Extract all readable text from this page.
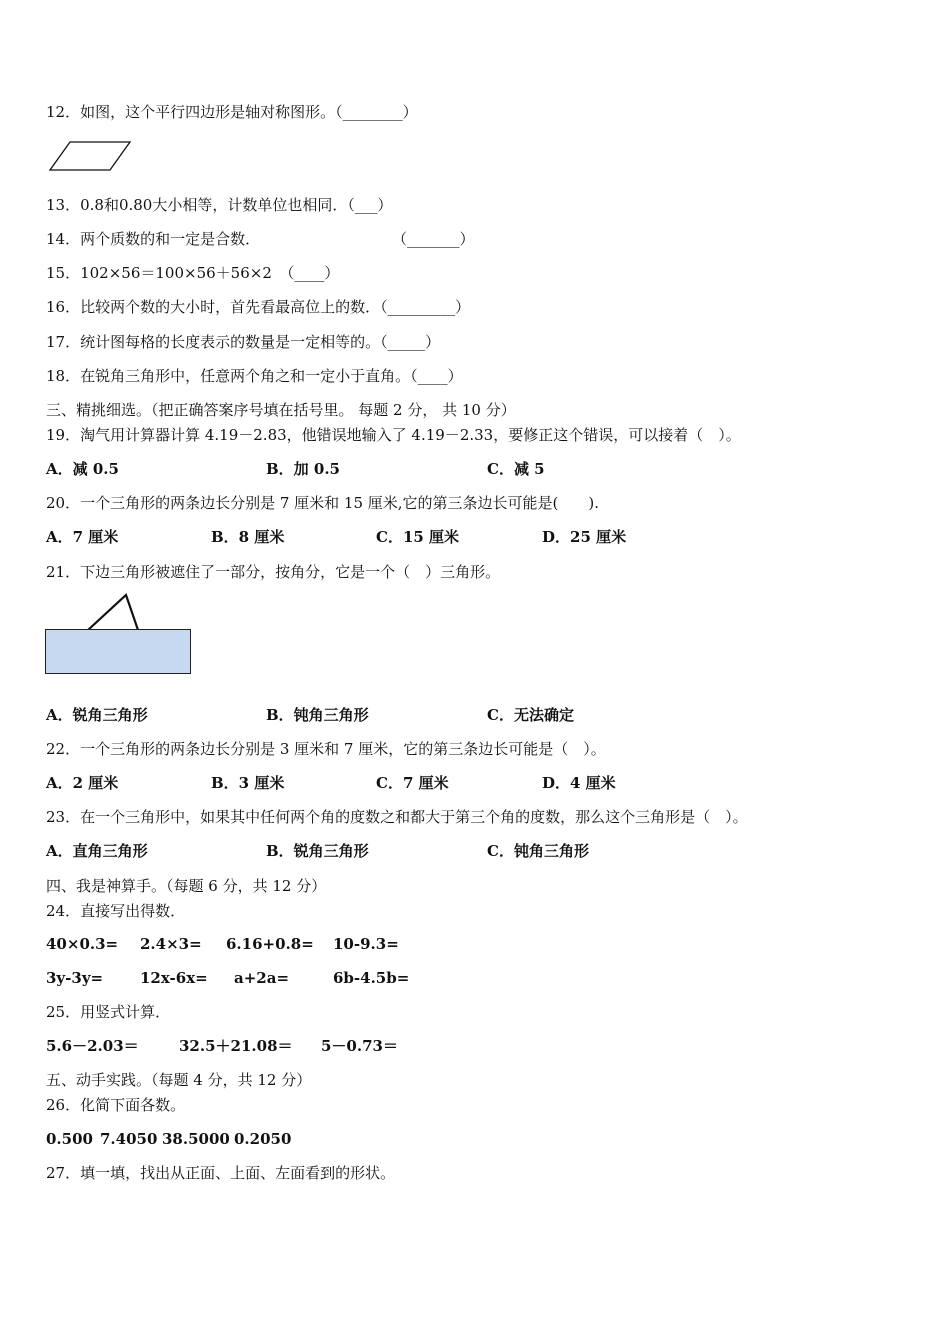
12．如图，这个平行四边形是轴对称图形。（________）
13．0.8和0.80大小相等，计数单位也相同．（___）
14．两个质数的和一定是合数．	（_______）
15．102×56＝100×56＋56×2　（____）
16．比较两个数的大小时，首先看最高位上的数．（_________）
17．统计图每格的长度表示的数量是一定相等的。（_____）
18．在锐角三角形中，任意两个角之和一定小于直角。（____）
三、精挑细选。（把正确答案序号填在括号里。 每题 2 分， 共 10 分）
19．淘气用计算器计算 4.19－2.83，他错误地输入了 4.19－2.33，要修正这个错误，可以接着（　）。
A．减 0.5	B．加 0.5	C．减 5
20．一个三角形的两条边长分别是 7 厘米和 15 厘米,它的第三条边长可能是(　　).
A．7 厘米	B．8 厘米	C．15 厘米	D．25 厘米
21．下边三角形被遮住了一部分，按角分，它是一个（　）三角形。
A．锐角三角形	B．钝角三角形	C．无法确定
22．一个三角形的两条边长分别是 3 厘米和 7 厘米，它的第三条边长可能是（　）。
A．2 厘米	B．3 厘米	C．7 厘米	D．4 厘米
23．在一个三角形中，如果其中任何两个角的度数之和都大于第三个角的度数，那么这个三角形是（　）。
A．直角三角形	B．锐角三角形	C．钝角三角形
四、我是神算手。（每题 6 分，共 12 分）
24．直接写出得数．
40×0.3= 2.4×3= 6.16+0.8= 10-9.3=
3y-3y= 12x-6x= a+2a=	6b-4.5b=
25．用竖式计算．
5.6－2.03＝	32.5＋21.08＝ 5－0.73＝
五、动手实践。（每题 4 分，共 12 分）
26．化简下面各数。
0.500 7.4050 38.5000 0.2050
27．填一填，找出从正面、上面、左面看到的形状。
